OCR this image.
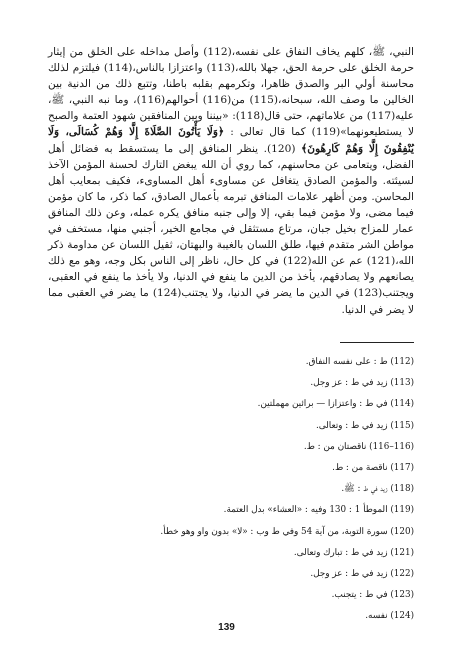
النبي، ﷺ، كلهم يخاف النفاق على نفسه،(112) وأصل مداخله على الخلق من إيثار حرمة الخلق على حرمة الحق، جهلا بالله،(113) واعتزازا بالناس،(114) فيلتزم لذلك محاسنة أولي البر والصدق ظاهرا، وتكرمهم بقلبه باطنا، وتتبع ذلك من الدنية بين الخالين ما وصف الله، سبحانه،(115) من(116) أحوالهم(116)، وما نبه النبي، ﷺ، عليه(117) من علاماتهم، حتى قال(118): «بيننا وبين المنافقين شهود العتمة والصبح لا يستطيعونهما»(119) كما قال تعالى : ﴿وَلَا يَأْتُونَ الصَّلَاةَ إِلَّا وَهُمْ كُسَالَى، وَلَا يُنْفِقُونَ إِلَّا وَهُمْ كَارِهُونَ﴾ (120). ينظر المنافق إلى ما يستسقط به فضائل أهل الفضل، ويتعامى عن محاسنهم، كما روي أن الله يبغض التارك لحسنة المؤمن الآخذ لسيئته. والمؤمن الصادق يتغافل عن مساوىء أهل المساوىء، فكيف بمعايب أهل المحاسن. ومن أظهر علامات المنافق تبرمه بأعمال الصادق، كما ذكر، ما كان مؤمن فيما مضى، ولا مؤمن فيما بقي، إلا وإلى جنبه منافق يكره عمله، وعن ذلك المنافق عمار للمزاح بخيل جبان، مرتاع مستثقل في مجامع الخير، أجنبي منها، مستخف في مواطن الشر متقدم فيها، طلق اللسان بالغيبة والبهتان، ثقيل اللسان عن مداومة ذكر الله،(121) عم عن الله(122) في كل حال، ناظر إلى الناس بكل وجه، وهو مع ذلك يصانعهم ولا يصادقهم، يأخذ من الدين ما ينفع في الدنيا، ولا يأخذ ما ينفع في العقبى، ويجتنب(123) في الدين ما يضر في الدنيا، ولا يجتنب(124) ما يضر في العقبى مما لا يضر في الدنيا.

(112) ط : على نفسه النفاق.
(113) زيد في ط : عز وجل.
(114) في ط : واعتزازا — برائين مهملتين.
(115) زيد في ط : وتعالى.
(116–116) ناقصتان من : ط.
(117) ناقصة من : ط.
(118) زيد في ط : ﷺ.
(119) الموطأ 1 : 130 وفيه : «العشاء» بدل العتمة.
(120) سورة التوبة، من آية 54 وفي ط وب : «لا» بدون واو وهو خطأ.
(121) زيد في ط : تبارك وتعالى.
(122) زيد في ط : عز وجل.
(123) في ط : يتجنب.
(124) نفسه.
139
